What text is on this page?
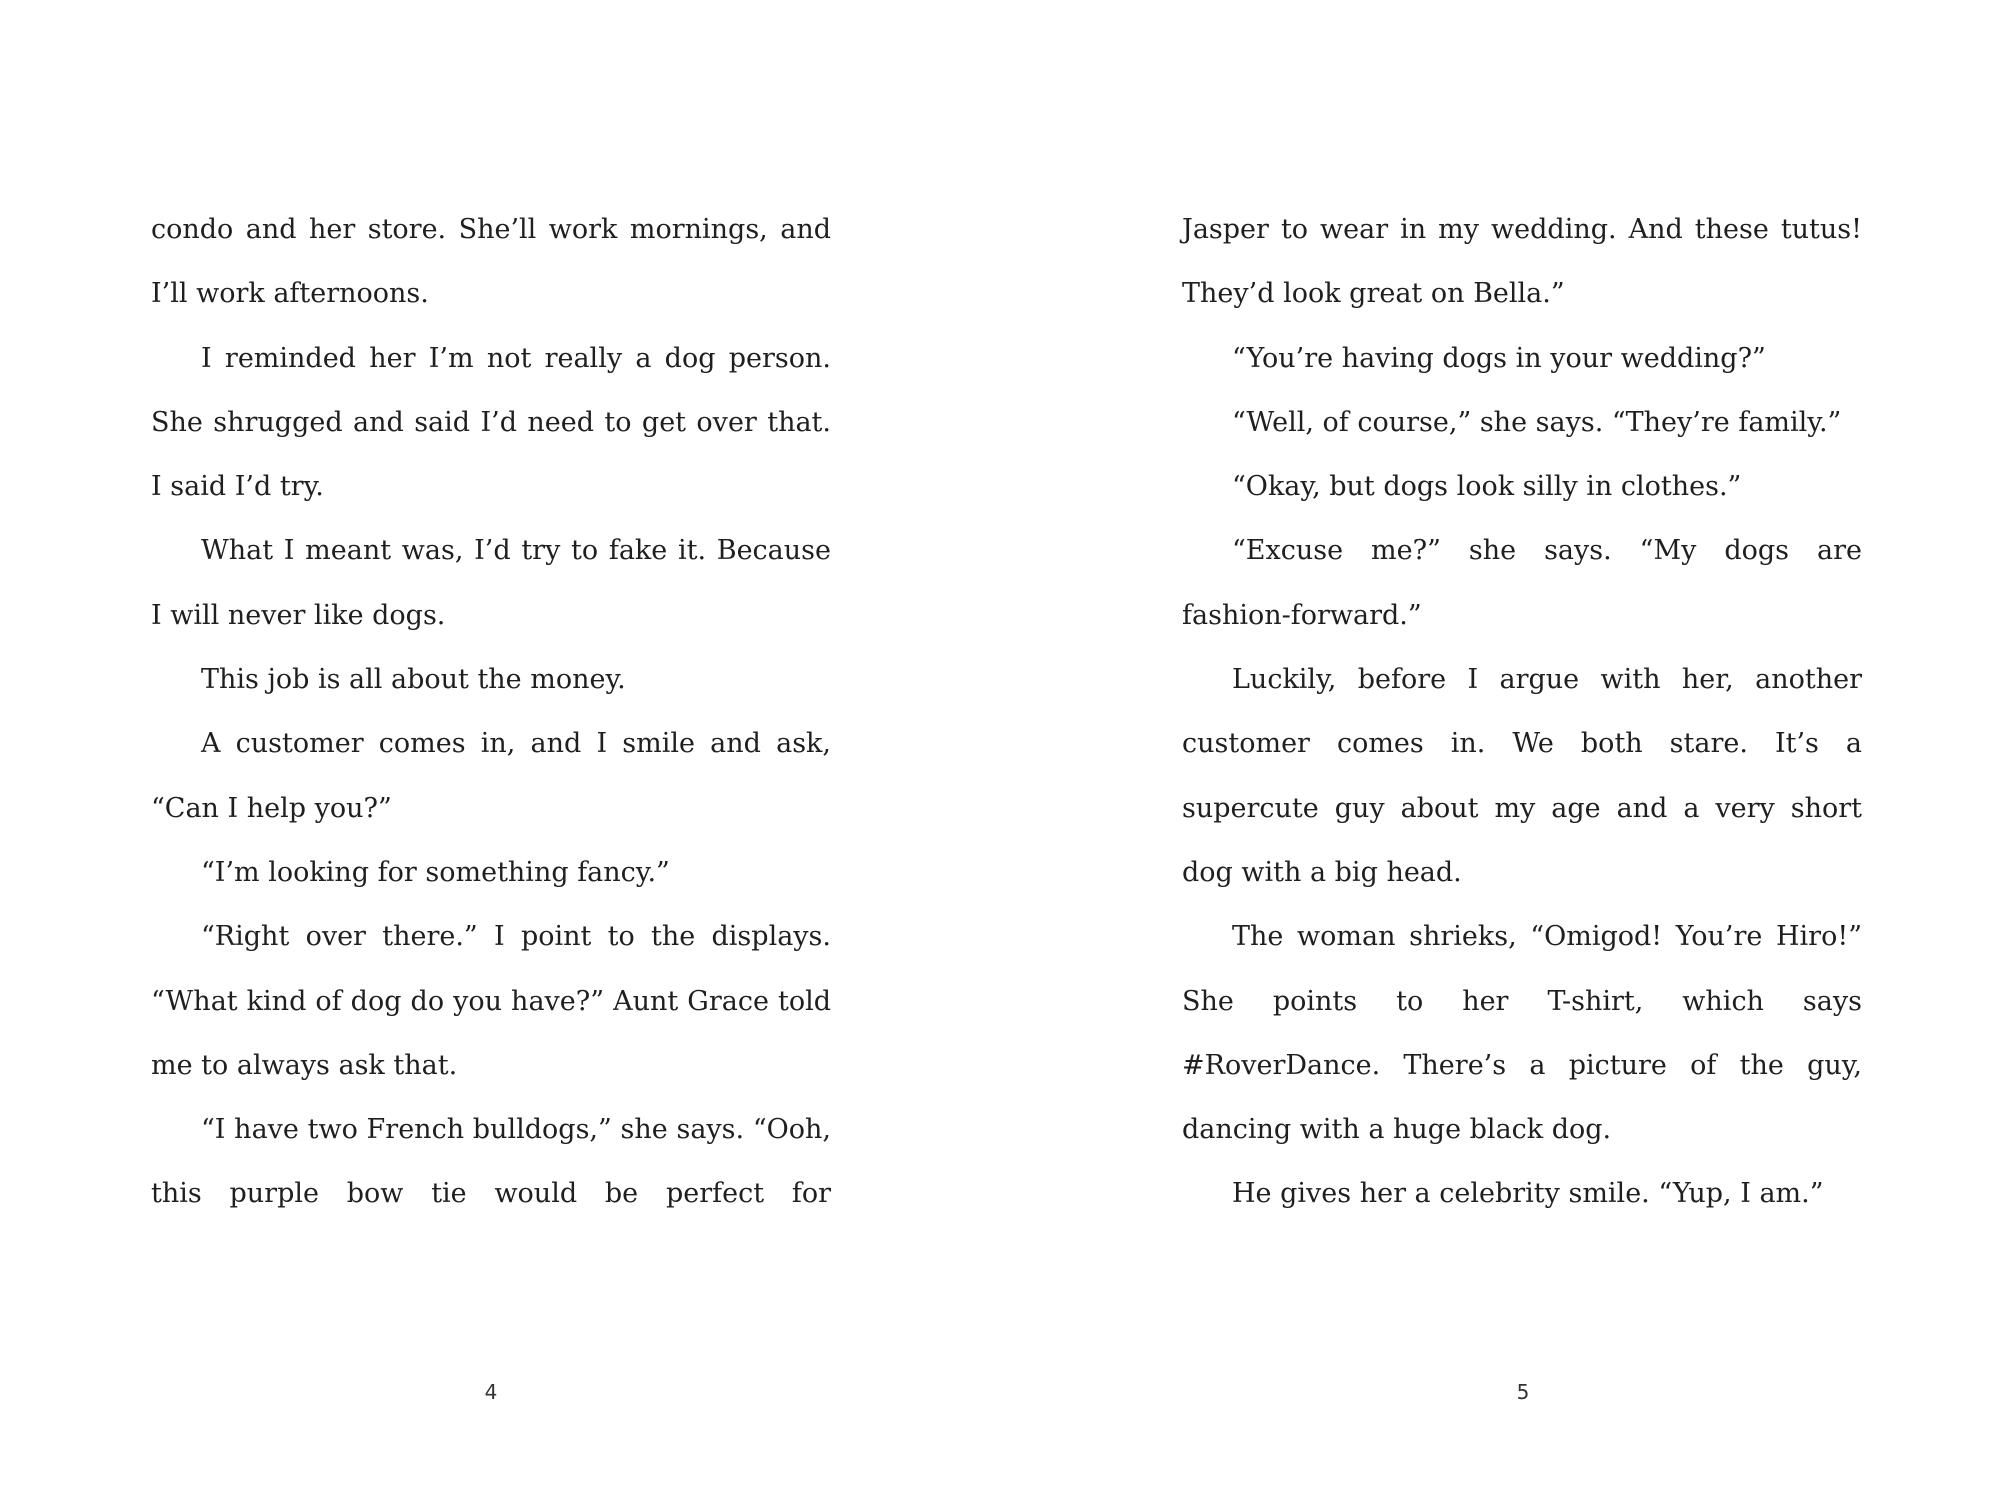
condo and her store. She’ll work mornings, and I’ll work afternoons.

I reminded her I’m not really a dog person. She shrugged and said I’d need to get over that. I said I’d try.

What I meant was, I’d try to fake it. Because I will never like dogs.

This job is all about the money.

A customer comes in, and I smile and ask, “Can I help you?”

“I’m looking for something fancy.”

“Right over there.” I point to the displays. “What kind of dog do you have?” Aunt Grace told me to always ask that.

“I have two French bulldogs,” she says. “Ooh, this purple bow tie would be perfect for

4

Jasper to wear in my wedding. And these tutus! They’d look great on Bella.”

“You’re having dogs in your wedding?”

“Well, of course,” she says. “They’re family.”

“Okay, but dogs look silly in clothes.”

“Excuse me?” she says. “My dogs are fashion-forward.”

Luckily, before I argue with her, another customer comes in. We both stare. It’s a supercute guy about my age and a very short dog with a big head.

The woman shrieks, “Omigod! You’re Hiro!” She points to her T-shirt, which says #RoverDance. There’s a picture of the guy, dancing with a huge black dog.

He gives her a celebrity smile. “Yup, I am.”

5
